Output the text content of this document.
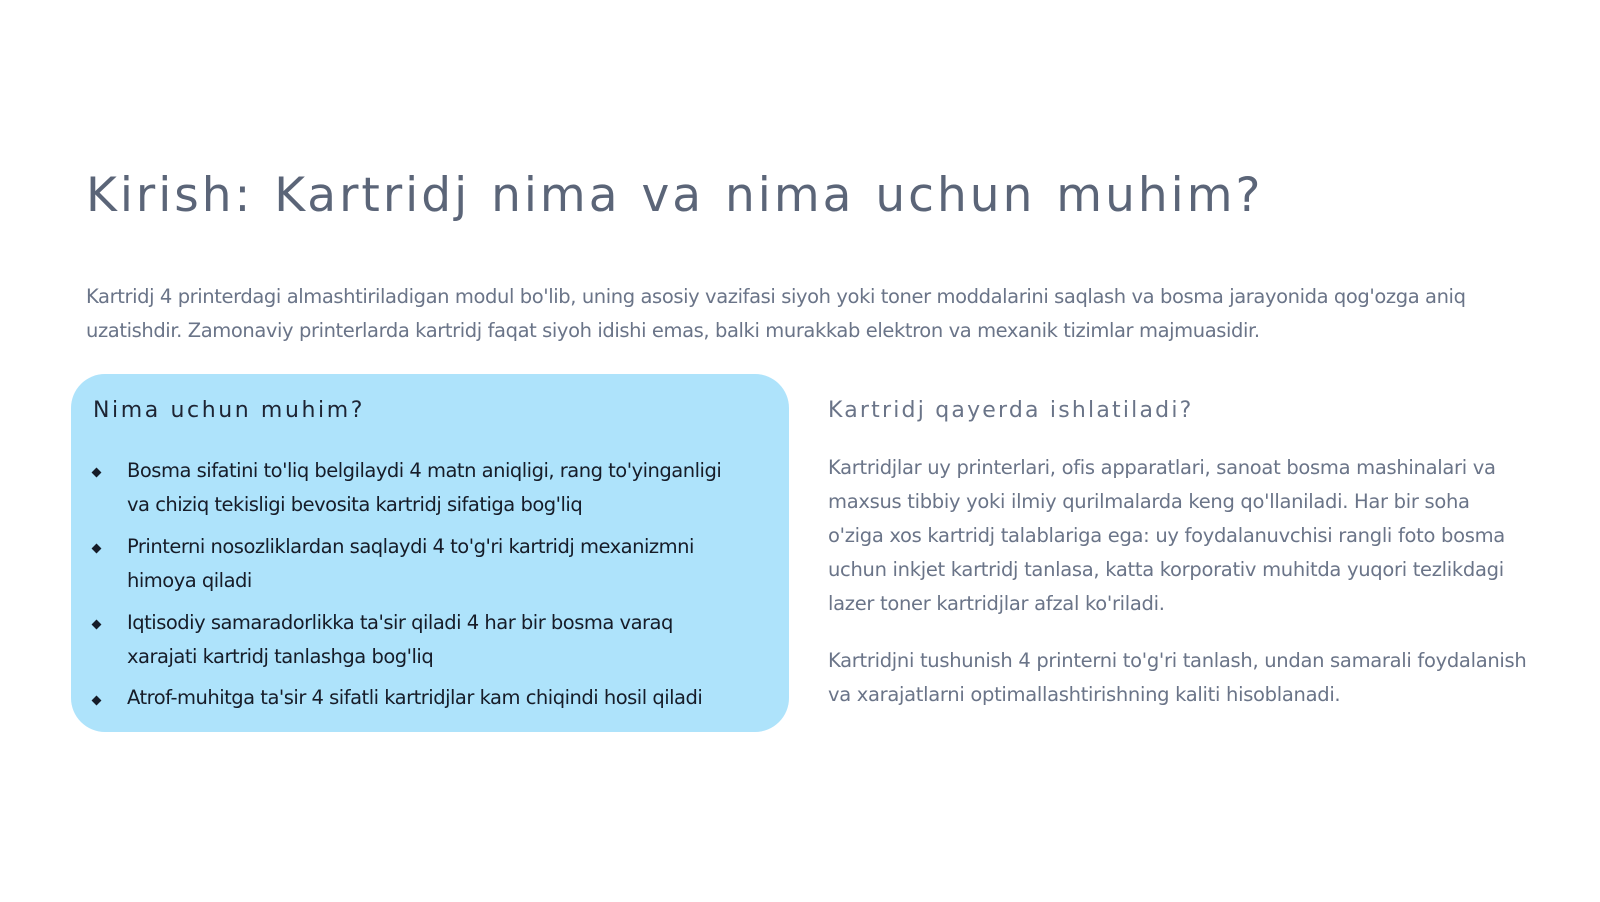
Kirish: Kartridj nima va nima uchun muhim?

Kartridj 4 printerdagi almashtiriladigan modul bo'lib, uning asosiy vazifasi siyoh yoki toner moddalarini saqlash va bosma jarayonida qog'ozga aniq uzatishdir. Zamonaviy printerlarda kartridj faqat siyoh idishi emas, balki murakkab elektron va mexanik tizimlar majmuasidir.

Nima uchun muhim?
Bosma sifatini to'liq belgilaydi 4 matn aniqligi, rang to'yinganligi va chiziq tekisligi bevosita kartridj sifatiga bog'liq
Printerni nosozliklardan saqlaydi 4 to'g'ri kartridj mexanizmni himoya qiladi
Iqtisodiy samaradorlikka ta'sir qiladi 4 har bir bosma varaq xarajati kartridj tanlashga bog'liq
Atrof-muhitga ta'sir 4 sifatli kartridjlar kam chiqindi hosil qiladi
Kartridj qayerda ishlatiladi?

Kartridjlar uy printerlari, ofis apparatlari, sanoat bosma mashinalari va maxsus tibbiy yoki ilmiy qurilmalarda keng qo'llaniladi. Har bir soha o'ziga xos kartridj talablariga ega: uy foydalanuvchisi rangli foto bosma uchun inkjet kartridj tanlasa, katta korporativ muhitda yuqori tezlikdagi lazer toner kartridjlar afzal ko'riladi.

Kartridjni tushunish 4 printerni to'g'ri tanlash, undan samarali foydalanish va xarajatlarni optimallashtirishning kaliti hisoblanadi.
